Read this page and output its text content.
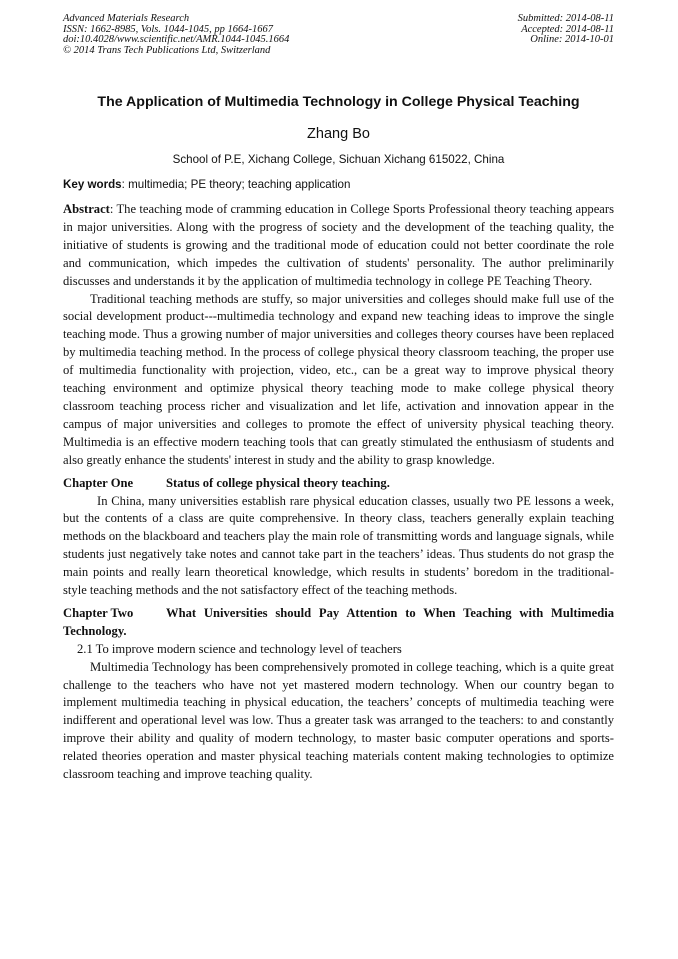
Advanced Materials Research
ISSN: 1662-8985, Vols. 1044-1045, pp 1664-1667
doi:10.4028/www.scientific.net/AMR.1044-1045.1664
© 2014 Trans Tech Publications Ltd, Switzerland
Submitted: 2014-08-11
Accepted: 2014-08-11
Online: 2014-10-01
The Application of Multimedia Technology in College Physical Teaching
Zhang Bo
School of P.E, Xichang College, Sichuan Xichang 615022, China
Key words: multimedia; PE theory; teaching application

Abstract: The teaching mode of cramming education in College Sports Professional theory teaching appears in major universities. Along with the progress of society and the development of the teaching quality, the initiative of students is growing and the traditional mode of education could not better coordinate the role and communication, which impedes the cultivation of students' personality. The author preliminarily discusses and understands it by the application of multimedia technology in college PE Teaching Theory.

Traditional teaching methods are stuffy, so major universities and colleges should make full use of the social development product---multimedia technology and expand new teaching ideas to improve the single teaching mode. Thus a growing number of major universities and colleges theory courses have been replaced by multimedia teaching method. In the process of college physical theory classroom teaching, the proper use of multimedia functionality with projection, video, etc., can be a great way to improve physical theory teaching environment and optimize physical theory teaching mode to make college physical theory classroom teaching process richer and visualization and let life, activation and innovation appear in the campus of major universities and colleges to promote the effect of university physical teaching theory. Multimedia is an effective modern teaching tools that can greatly stimulated the enthusiasm of students and also greatly enhance the students' interest in study and the ability to grasp knowledge.

Chapter One	Status of college physical theory teaching.

In China, many universities establish rare physical education classes, usually two PE lessons a week, but the contents of a class are quite comprehensive. In theory class, teachers generally explain teaching methods on the blackboard and teachers play the main role of transmitting words and language signals, while students just negatively take notes and cannot take part in the teachers’ ideas. Thus students do not grasp the main points and really learn theoretical knowledge, which results in students’ boredom in the traditional-style teaching methods and the not satisfactory effect of the teaching methods.

Chapter Two	What Universities should Pay Attention to When Teaching with Multimedia Technology.

2.1 To improve modern science and technology level of teachers

Multimedia Technology has been comprehensively promoted in college teaching, which is a quite great challenge to the teachers who have not yet mastered modern technology. When our country began to implement multimedia teaching in physical education, the teachers’ concepts of multimedia teaching were indifferent and operational level was low. Thus a greater task was arranged to the teachers: to and constantly improve their ability and quality of modern technology, to master basic computer operations and sports-related theories operation and master physical teaching materials content making technologies to optimize classroom teaching and improve teaching quality.
